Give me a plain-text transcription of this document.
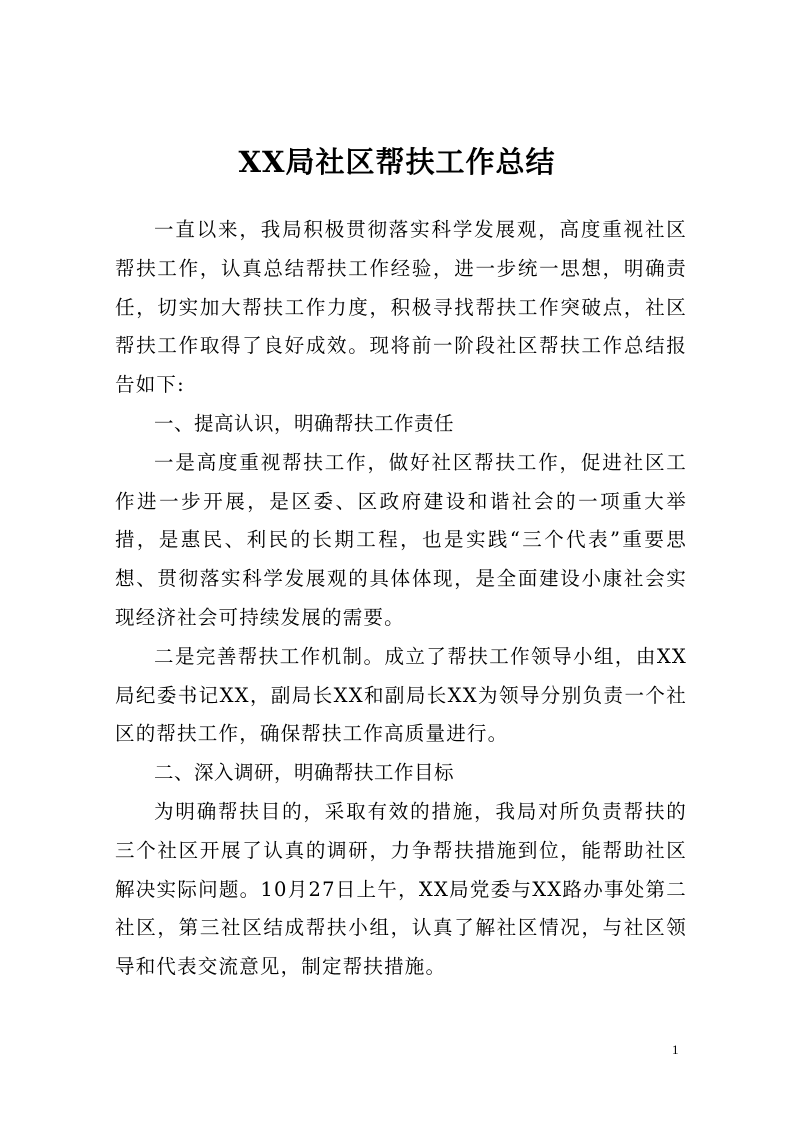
XX局社区帮扶工作总结

一直以来，我局积极贯彻落实科学发展观，高度重视社区帮扶工作，认真总结帮扶工作经验，进一步统一思想，明确责任，切实加大帮扶工作力度，积极寻找帮扶工作突破点，社区帮扶工作取得了良好成效。现将前一阶段社区帮扶工作总结报告如下:

一、提高认识，明确帮扶工作责任

一是高度重视帮扶工作，做好社区帮扶工作，促进社区工作进一步开展，是区委、区政府建设和谐社会的一项重大举措，是惠民、利民的长期工程，也是实践“三个代表”重要思想、贯彻落实科学发展观的具体体现，是全面建设小康社会实现经济社会可持续发展的需要。

二是完善帮扶工作机制。成立了帮扶工作领导小组，由XX局纪委书记XX，副局长XX和副局长XX为领导分别负责一个社区的帮扶工作，确保帮扶工作高质量进行。

二、深入调研，明确帮扶工作目标

为明确帮扶目的，采取有效的措施，我局对所负责帮扶的三个社区开展了认真的调研，力争帮扶措施到位，能帮助社区解决实际问题。10月27日上午，XX局党委与XX路办事处第二社区，第三社区结成帮扶小组，认真了解社区情况，与社区领导和代表交流意见，制定帮扶措施。

1
